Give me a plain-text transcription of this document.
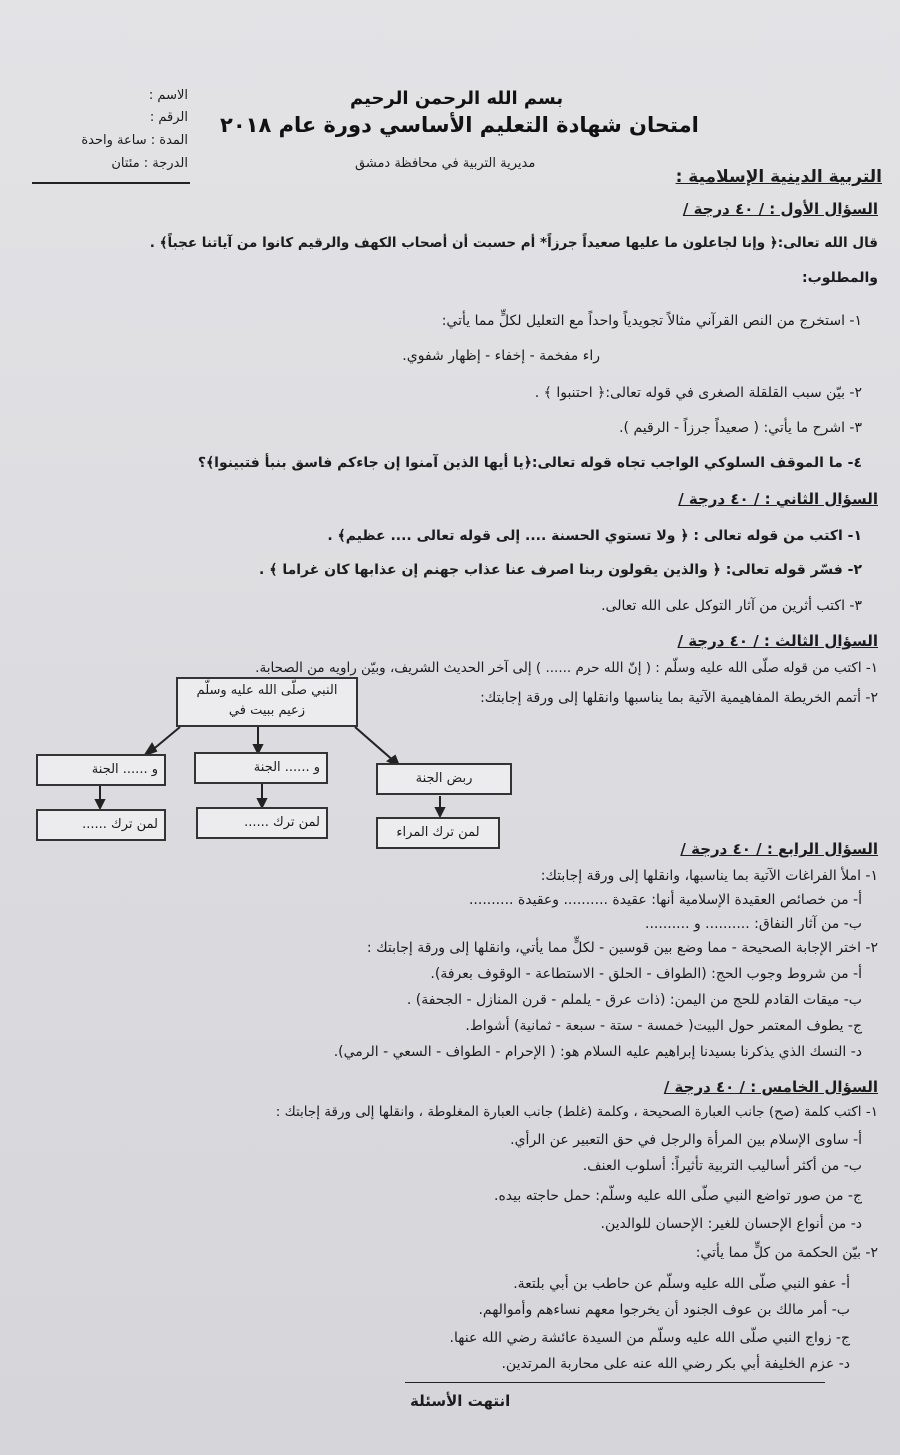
بسم الله الرحمن الرحيم
امتحان شهادة التعليم الأساسي دورة عام ٢٠١٨
مديرية التربية في محافظة دمشق
الاسم :
الرقم :
المدة : ساعة واحدة
الدرجة : مئتان
التربية الدينية الإسلامية :
السؤال الأول : / ٤٠ درجة /
قال الله تعالى:﴿ وإنا لجاعلون ما عليها صعيداً جرزاً* أم حسبت أن أصحاب الكهف والرقيم كانوا من آياتنا عجباً﴾ .
والمطلوب:
١- استخرج من النص القرآني مثالاً تجويدياً واحداً مع التعليل لكلٍّ مما يأتي:
راء مفخمة - إخفاء - إظهار شفوي.
٢- بيّن سبب القلقلة الصغرى في قوله تعالى:﴿ احتنبوا ﴾ .
٣- اشرح ما يأتي: ( صعيداً جرزاً - الرقيم ).
٤- ما الموقف السلوكي الواجب تجاه قوله تعالى:﴿يا أيها الذين آمنوا إن جاءكم فاسق بنبأ فتبينوا﴾؟
السؤال الثاني : / ٤٠ درجة /
١- اكتب من قوله تعالى : ﴿ ولا تستوي الحسنة .... إلى قوله تعالى .... عظيم﴾ .
٢- فسّر قوله تعالى: ﴿ والذين يقولون ربنا اصرف عنا عذاب جهنم إن عذابها كان غراما ﴾ .
٣- اكتب أثرين من آثار التوكل على الله تعالى.
السؤال الثالث : / ٤٠ درجة /
١- اكتب من قوله صلّى الله عليه وسلّم : ( إنّ الله حرم ...... ) إلى آخر الحديث الشريف، وبيّن راويه من الصحابة.
٢- أتمم الخريطة المفاهيمية الآتية بما يناسبها وانقلها إلى ورقة إجابتك:
النبي صلّى الله عليه وسلّم زعيم ببيت في
ربض الجنة
و ...... الجنة
و ...... الجنة
لمن ترك المراء
لمن ترك ......
لمن ترك ......
السؤال الرابع : / ٤٠ درجة /
١- املأ الفراغات الآتية بما يناسبها، وانقلها إلى ورقة إجابتك:
أ- من خصائص العقيدة الإسلامية أنها: عقيدة .......... وعقيدة ..........
ب- من آثار النفاق: .......... و ..........
٢- اختر الإجابة الصحيحة - مما وضع بين قوسين - لكلٍّ مما يأتي، وانقلها إلى ورقة إجابتك :
أ- من شروط وجوب الحج: (الطواف - الحلق - الاستطاعة - الوقوف بعرفة).
ب- ميقات القادم للحج من اليمن: (ذات عرق - يلملم - قرن المنازل - الجحفة) .
ج- يطوف المعتمر حول البيت( خمسة - ستة - سبعة - ثمانية) أشواط.
د- النسك الذي يذكرنا بسيدنا إبراهيم عليه السلام هو: ( الإحرام - الطواف - السعي - الرمي).
السؤال الخامس : / ٤٠ درجة /
١- اكتب كلمة (صح) جانب العبارة الصحيحة ، وكلمة (غلط) جانب العبارة المغلوطة ، وانقلها إلى ورقة إجابتك :
أ- ساوى الإسلام بين المرأة والرجل في حق التعبير عن الرأي.
ب- من أكثر أساليب التربية تأثيراً: أسلوب العنف.
ج- من صور تواضع النبي صلّى الله عليه وسلّم: حمل حاجته بيده.
د- من أنواع الإحسان للغير: الإحسان للوالدين.
٢- بيّن الحكمة من كلٍّ مما يأتي:
أ- عفو النبي صلّى الله عليه وسلّم عن حاطب بن أبي بلتعة.
ب- أمر مالك بن عوف الجنود أن يخرجوا معهم نساءهم وأموالهم.
ج- زواج النبي صلّى الله عليه وسلّم من السيدة عائشة رضي الله عنها.
د- عزم الخليفة أبي بكر رضي الله عنه على محاربة المرتدين.
انتهت الأسئلة
